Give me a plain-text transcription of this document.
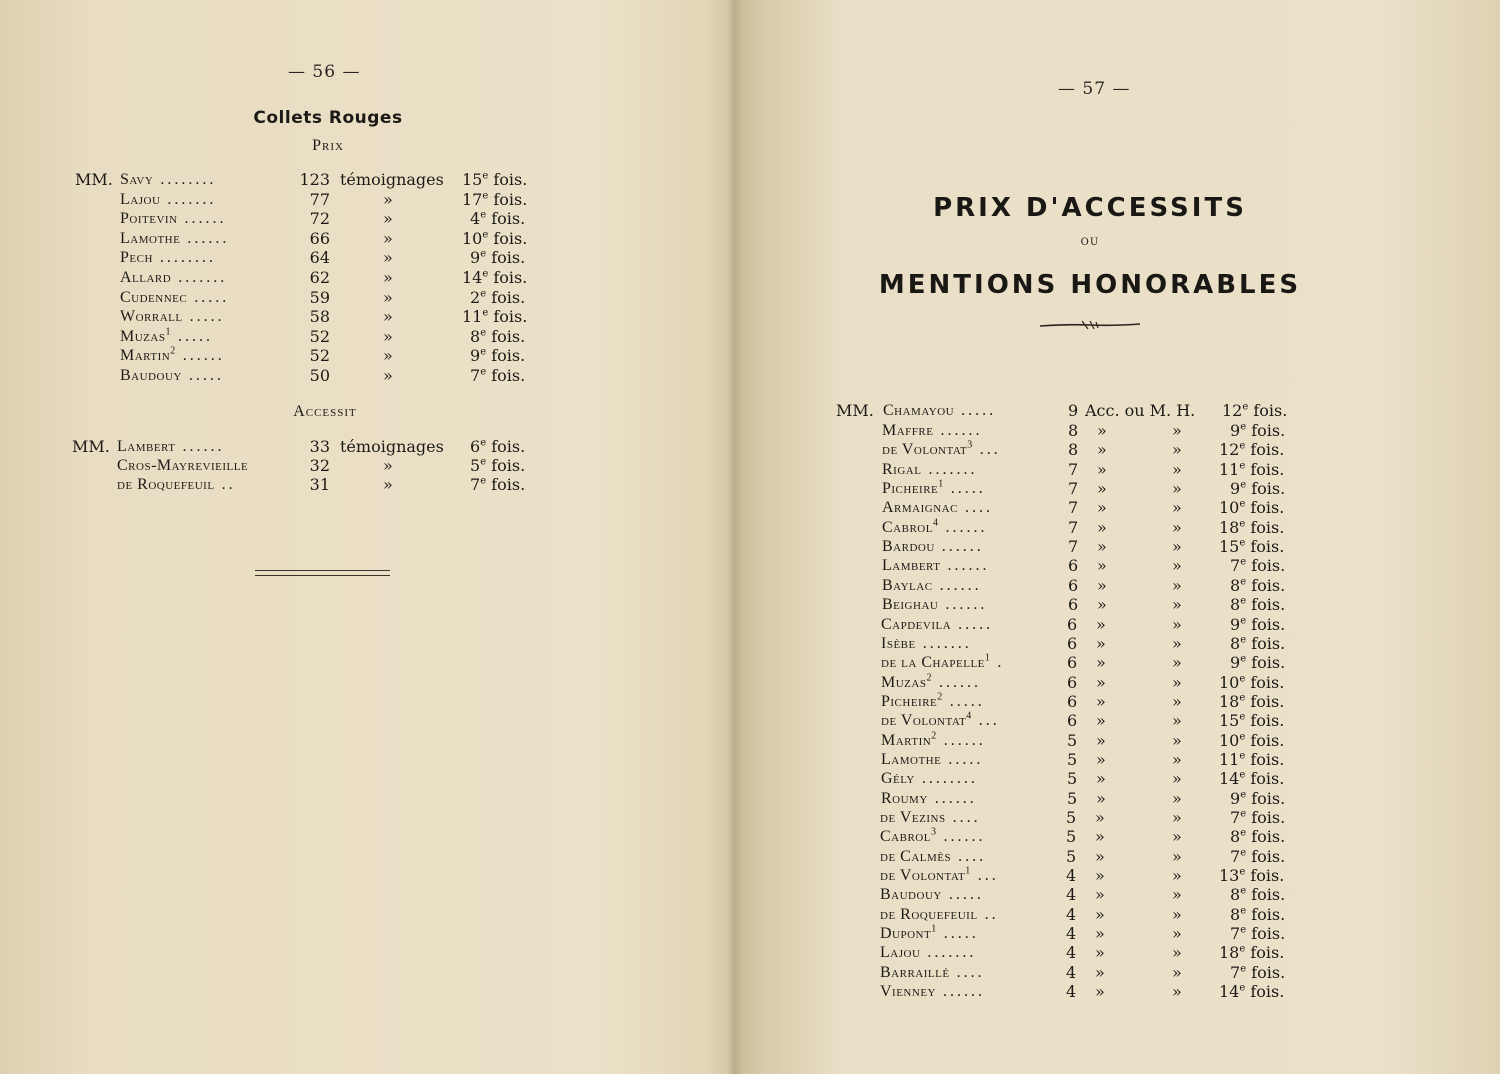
— 56 —
Collets Rouges
Prix
MM. Savy ........	123 témoignages 15e fois.
Lajou .......	77	»	17e fois.
Poitevin ......	72	»	4e fois.
Lamothe ......	66	»	10e fois.
Pech ........	64	»	9e fois.
Allard .......	62	»	14e fois.
Cudennec .....	59	»	2e fois.
Worrall .....	58	»	11e fois.
Muzas$^1$ .....	52	»	8e fois.
Martin$^2$ ......	52	»	9e fois.
Baudouy .....	50	»	7e fois.
Accessit
MM. Lambert ......	33 témoignages 6e fois.
Cros-Mayrevieille	32	»	5e fois.
de Roquefeuil ..	31	»	7e fois.
— 57 —
PRIX D'ACCESSITS
ou
MENTIONS HONORABLES
MM. Chamayou .....	9 Acc. ou M. H. 12e fois.
Maffre ......	8 »	»	9e fois.
de Volontat$^3$ ...	8 »	» 12e fois.
Rigal .......	7 »	» 11e fois.
Picheire$^1$ .....	7 »	»	9e fois.
Armaignac ....	7 »	» 10e fois.
Cabrol$^4$ ......	7 »	» 18e fois.
Bardou ......	7 »	» 15e fois.
Lambert ......	6 »	»	7e fois.
Baylac ......	6 »	»	8e fois.
Beighau ......	6 »	»	8e fois.
Capdevila .....	6 »	»	9e fois.
Isèbe .......	6 »	»	8e fois.
de la Chapelle$^1$ .	6 »	»	9e fois.
Muzas$^2$ ......	6 »	» 10e fois.
Picheire$^2$ .....	6 »	» 18e fois.
de Volontat$^4$ ...	6 »	» 15e fois.
Martin$^2$ ......	5 »	» 10e fois.
Lamothe .....	5 »	» 11e fois.
Gély ........	5 »	» 14e fois.
Roumy ......	5 »	»	9e fois.
de Vezins ....	5 »	»	7e fois.
Cabrol$^3$ ......	5 »	»	8e fois.
de Calmès ....	5 »	»	7e fois.
de Volontat$^1$ ...	4 »	» 13e fois.
Baudouy .....	4 »	»	8e fois.
de Roquefeuil ..	4 »	»	8e fois.
Dupont$^1$ .....	4 »	»	7e fois.
Lajou .......	4 »	» 18e fois.
Barraillé ....	4 »	»	7e fois.
Vienney ......	4 »	» 14e fois.
